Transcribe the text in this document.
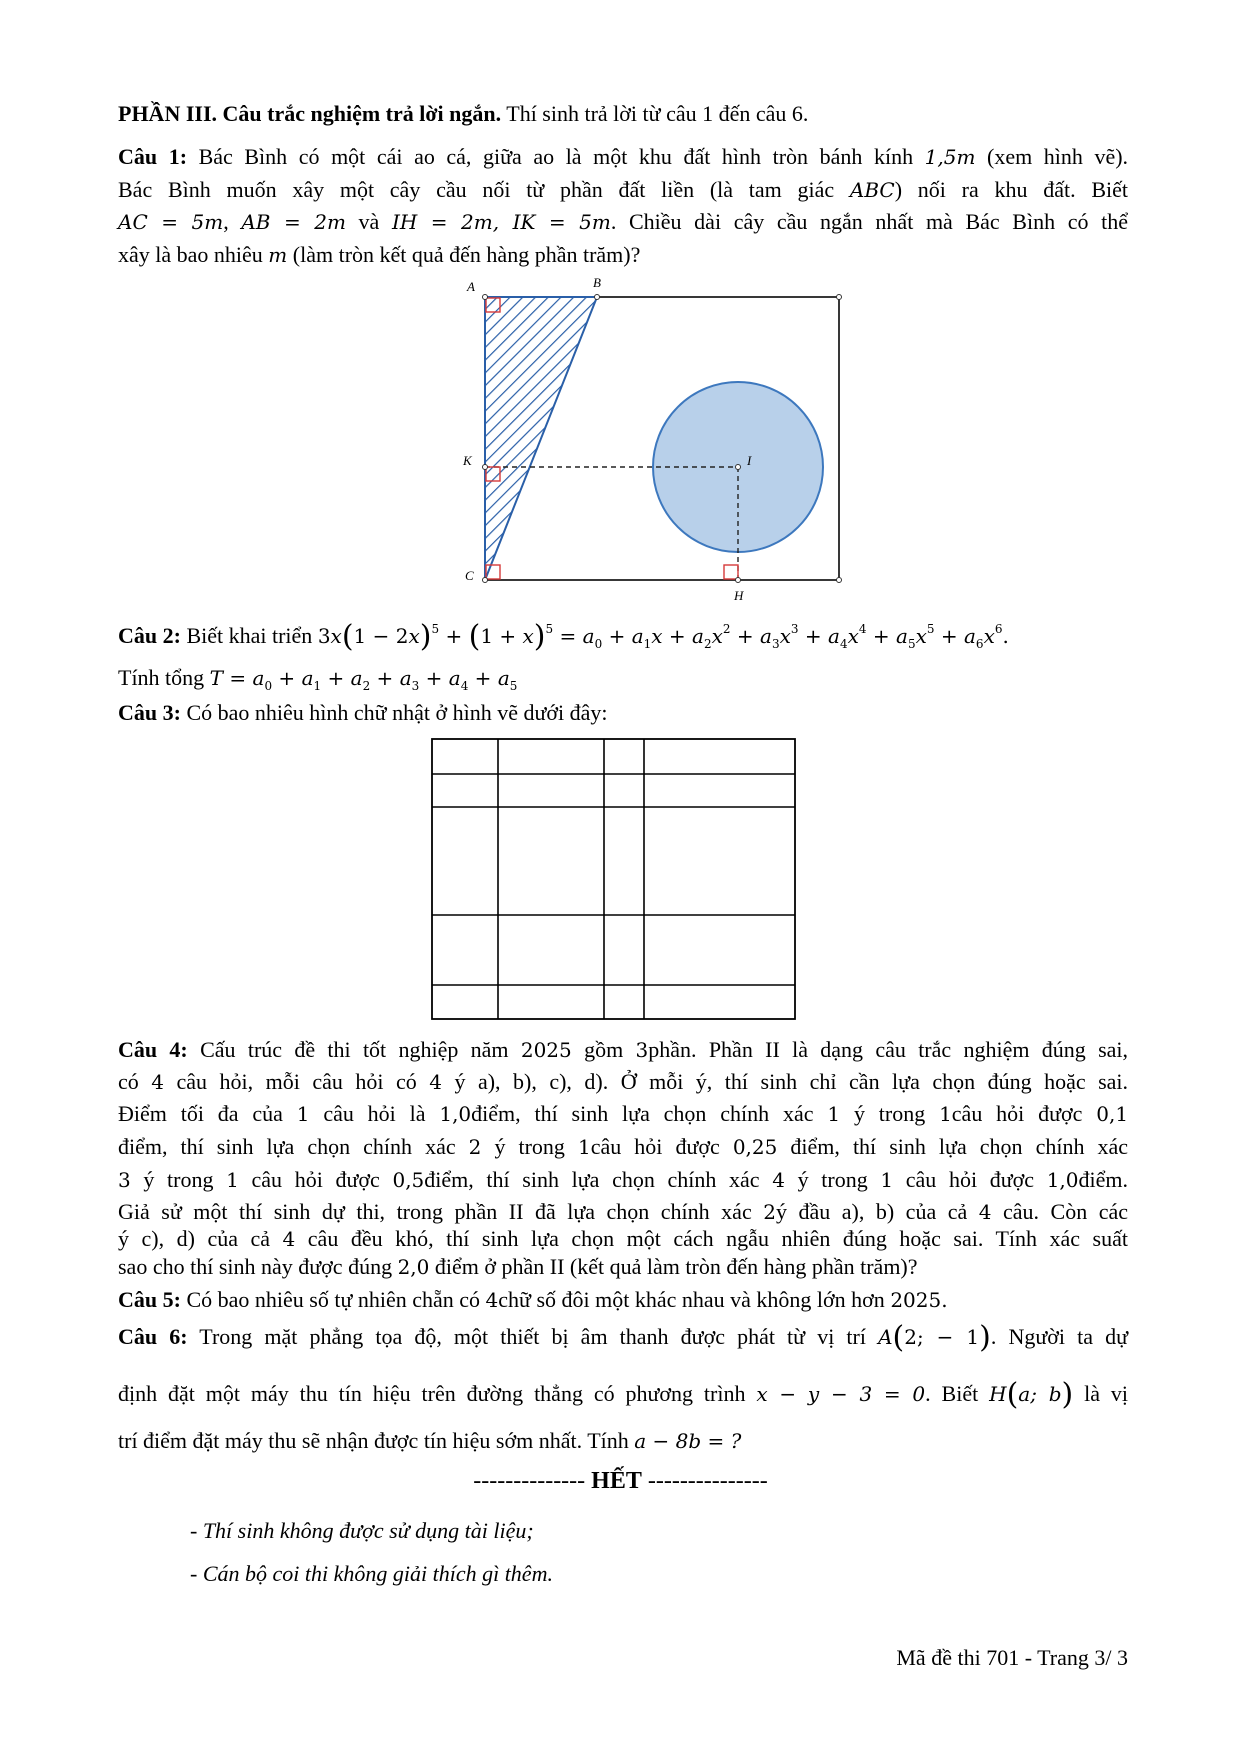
PHẦN III. Câu trắc nghiệm trả lời ngắn. Thí sinh trả lời từ câu 1 đến câu 6.
Câu 1: Bác Bình có một cái ao cá, giữa ao là một khu đất hình tròn bánh kính 1,5m (xem hình vẽ).
Bác Bình muốn xây một cây cầu nối từ phần đất liền (là tam giác ABC) nối ra khu đất. Biết
AC = 5m, AB = 2m và IH = 2m, IK = 5m. Chiều dài cây cầu ngắn nhất mà Bác Bình có thể
xây là bao nhiêu m (làm tròn kết quả đến hàng phần trăm)?
A	B
K	I
C
H
Câu 2: Biết khai triển $3x(1 - 2x)^5 + (1 + x)^5 = a_0 + a_1x + a_2x^2 + a_3x^3 + a_4x^4 + a_5x^5 + a_6x^6$.
Tính tổng $T = a_0 + a_1 + a_2 + a_3 + a_4 + a_5$
Câu 3: Có bao nhiêu hình chữ nhật ở hình vẽ dưới đây:
Câu 4: Cấu trúc đề thi tốt nghiệp năm 2025 gồm 3phần. Phần II là dạng câu trắc nghiệm đúng sai,
có 4 câu hỏi, mỗi câu hỏi có 4 ý a), b), c), d). Ở mỗi ý, thí sinh chỉ cần lựa chọn đúng hoặc sai.
Điểm tối đa của 1 câu hỏi là 1,0điểm, thí sinh lựa chọn chính xác 1 ý trong 1câu hỏi được 0,1
điểm, thí sinh lựa chọn chính xác 2 ý trong 1câu hỏi được 0,25 điểm, thí sinh lựa chọn chính xác
3 ý trong 1 câu hỏi được 0,5điểm, thí sinh lựa chọn chính xác 4 ý trong 1 câu hỏi được 1,0điểm.
Giả sử một thí sinh dự thi, trong phần II đã lựa chọn chính xác 2ý đầu a), b) của cả 4 câu. Còn các
ý c), d) của cả 4 câu đều khó, thí sinh lựa chọn một cách ngẫu nhiên đúng hoặc sai. Tính xác suất
sao cho thí sinh này được đúng 2,0 điểm ở phần II (kết quả làm tròn đến hàng phần trăm)?
Câu 5: Có bao nhiêu số tự nhiên chẵn có 4chữ số đôi một khác nhau và không lớn hơn 2025.
Câu 6: Trong mặt phẳng tọa độ, một thiết bị âm thanh được phát từ vị trí A(2; − 1). Người ta dự
định đặt một máy thu tín hiệu trên đường thẳng có phương trình x − y − 3 = 0. Biết H(a; b) là vị
trí điểm đặt máy thu sẽ nhận được tín hiệu sớm nhất. Tính a − 8b = ?
-------------- HẾT ---------------
- Thí sinh không được sử dụng tài liệu;
- Cán bộ coi thi không giải thích gì thêm.
Mã đề thi 701 - Trang 3/ 3
